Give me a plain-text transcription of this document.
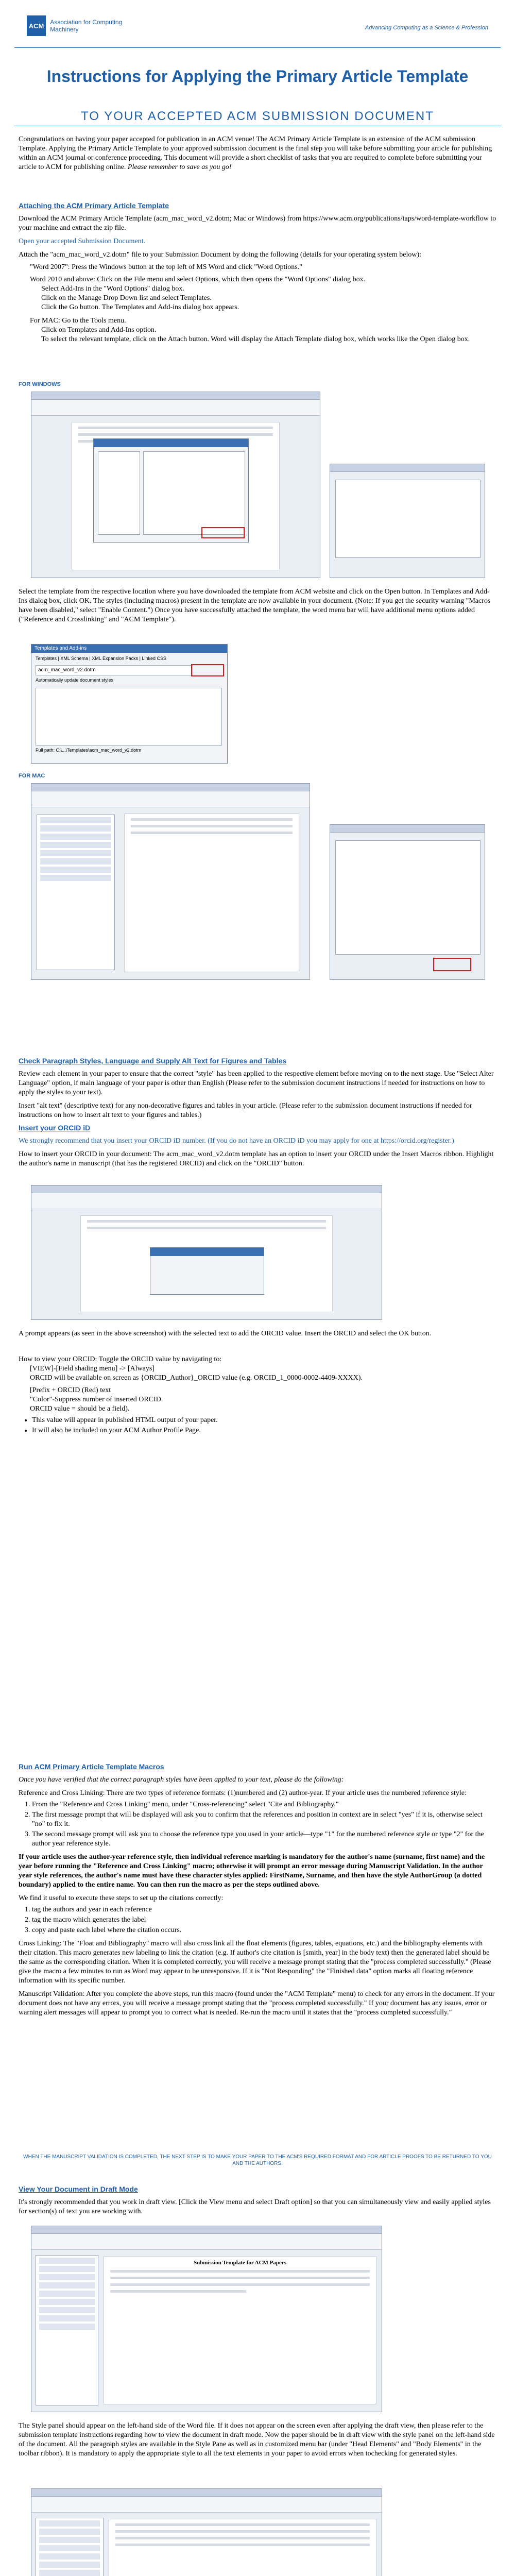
ACM Association for Computing Machinery	Advancing Computing as a Science & Profession
Instructions for Applying the Primary Article Template
TO YOUR ACCEPTED ACM SUBMISSION DOCUMENT
Congratulations on having your paper accepted for publication in an ACM venue! The ACM Primary Article Template is an extension of the ACM submission Template. Applying the Primary Article Template to your approved submission document is the final step you will take before submitting your article for publishing within an ACM journal or conference proceeding. This document will provide a short checklist of tasks that you are required to complete before submitting your article to ACM for publishing online. Please remember to save as you go!
Attaching the ACM Primary Article Template
Download the ACM Primary Article Template (acm_mac_word_v2.dotm; Mac or Windows) from https://www.acm.org/publications/taps/word-template-workflow to your machine and extract the zip file.
Open your accepted Submission Document.
Attach the "acm_mac_word_v2.dotm" file to your Submission Document by doing the following (details for your operating system below):
"Word 2007": Press the Windows button at the top left of MS Word and click "Word Options."
Word 2010 and above: Click on the File menu and select Options, which then opens the "Word Options" dialog box.
Select Add-Ins in the "Word Options" dialog box.
Click on the Manage Drop Down list and select Templates.
Click the Go button. The Templates and Add-ins dialog box appears.
For MAC: Go to the Tools menu.
Click on Templates and Add-Ins option.
To select the relevant template, click on the Attach button. Word will display the Attach Template dialog box, which works like the Open dialog box.
FOR WINDOWS
Select the template from the respective location where you have downloaded the template from ACM website and click on the Open button. In Templates and Add-Ins dialog box, click OK. The styles (including macros) present in the template are now available in your document. (Note: If you get the security warning "Macros have been disabled," select "Enable Content.") Once you have successfully attached the template, the word menu bar will have additional menu options added ("Reference and Crosslinking" and "ACM Template").
Templates and Add-ins
Templates | XML Schema | XML Expansion Packs | Linked CSS
acm_mac_word_v2.dotm
Automatically update document styles
Full path: C:\...\Templates\acm_mac_word_v2.dotm
FOR MAC
Check Paragraph Styles, Language and Supply Alt Text for Figures and Tables
Review each element in your paper to ensure that the correct "style" has been applied to the respective element before moving on to the next stage. Use "Select Alter Language" option, if main language of your paper is other than English (Please refer to the submission document instructions if needed for instructions on how to apply the styles to your text).
Insert "alt text" (descriptive text) for any non-decorative figures and tables in your article. (Please refer to the submission document instructions if needed for instructions on how to insert alt text to your figures and tables.)
Insert your ORCID iD
We strongly recommend that you insert your ORCID iD number. (If you do not have an ORCID iD you may apply for one at https://orcid.org/register.)
How to insert your ORCID in your document: The acm_mac_word_v2.dotm template has an option to insert your ORCID under the Insert Macros ribbon. Highlight the author's name in manuscript (that has the registered ORCID) and click on the "ORCID" button.
A prompt appears (as seen in the above screenshot) with the selected text to add the ORCID value. Insert the ORCID and select the OK button.
How to view your ORCID: Toggle the ORCID value by navigating to:
[VIEW]-[Field shading menu] -> [Always]
ORCID will be available on screen as {ORCID_Author}_ORCID value (e.g. ORCID_1_0000-0002-4409-XXXX).
[Prefix + ORCID (Red) text
"Color"-Suppress number of inserted ORCID.
ORCID value = should be a field).
• This value will appear in published HTML output of your paper.
• It will also be included on your ACM Author Profile Page.
Run ACM Primary Article Template Macros
Once you have verified that the correct paragraph styles have been applied to your text, please do the following:
Reference and Cross Linking: There are two types of reference formats: (1)numbered and (2) author-year. If your article uses the numbered reference style:
1. From the "Reference and Cross Linking" menu, under "Cross-referencing" select "Cite and Bibliography."
2. The first message prompt that will be displayed will ask you to confirm that the references and position in context are in select "yes" if it is, otherwise select "no" to fix it.
3. The second message prompt will ask you to choose the reference type you used in your article—type "1" for the numbered reference style or type "2" for the author year reference style.
If your article uses the author-year reference style, then individual reference marking is mandatory for the author's name (surname, first name) and the year before running the "Reference and Cross Linking" macro; otherwise it will prompt an error message during Manuscript Validation. In the author year style references, the author's name must have these character styles applied: FirstName, Surname, and then have the style AuthorGroup (a dotted boundary) applied to the entire name. You can then run the macro as per the steps outlined above.
We find it useful to execute these steps to set up the citations correctly:
1. tag the authors and year in each reference
2. tag the macro which generates the label
3. copy and paste each label where the citation occurs.
Cross Linking: The "Float and Bibliography" macro will also cross link all the float elements (figures, tables, equations, etc.) and the bibliography elements with their citation. This macro generates new labeling to link the citation (e.g. If author's cite citation is [smith, year] in the body text) then the generated label should be the same as the corresponding citation. When it is completed correctly, you will receive a message prompt stating that the "process completed successfully." (Please give the macro a few minutes to run as Word may appear to be unresponsive. If it is "Not Responding" the "Finished data" option marks all floating reference information with its specific number.
Manuscript Validation: After you complete the above steps, run this macro (found under the "ACM Template" menu) to check for any errors in the document. If your document does not have any errors, you will receive a message prompt stating that the "process completed successfully." If your document has any issues, error or warning alert messages will appear to prompt you to correct what is needed. Re-run the macro until it states that the "process completed successfully."
WHEN THE MANUSCRIPT VALIDATION IS COMPLETED, THE NEXT STEP IS TO MAKE YOUR PAPER TO THE ACM'S REQUIRED FORMAT AND FOR ARTICLE PROOFS TO BE RETURNED TO YOU AND THE AUTHORS.
View Your Document in Draft Mode
It's strongly recommended that you work in draft view. [Click the View menu and select Draft option] so that you can simultaneously view and easily applied styles for section(s) of text you are working with.
Submission Template for ACM Papers
The Style panel should appear on the left-hand side of the Word file. If it does not appear on the screen even after applying the draft view, then please refer to the submission template instructions regarding how to view the document in draft mode. Now the paper should be in draft view with the style panel on the left-hand side of the document. All the paragraph styles are available in the Style Pane as well as in customized menu bar (under "Head Elements" and "Body Elements" in the toolbar ribbon). It is mandatory to apply the appropriate style to all the text elements in your paper to avoid errors when tochecking for generated styles.
